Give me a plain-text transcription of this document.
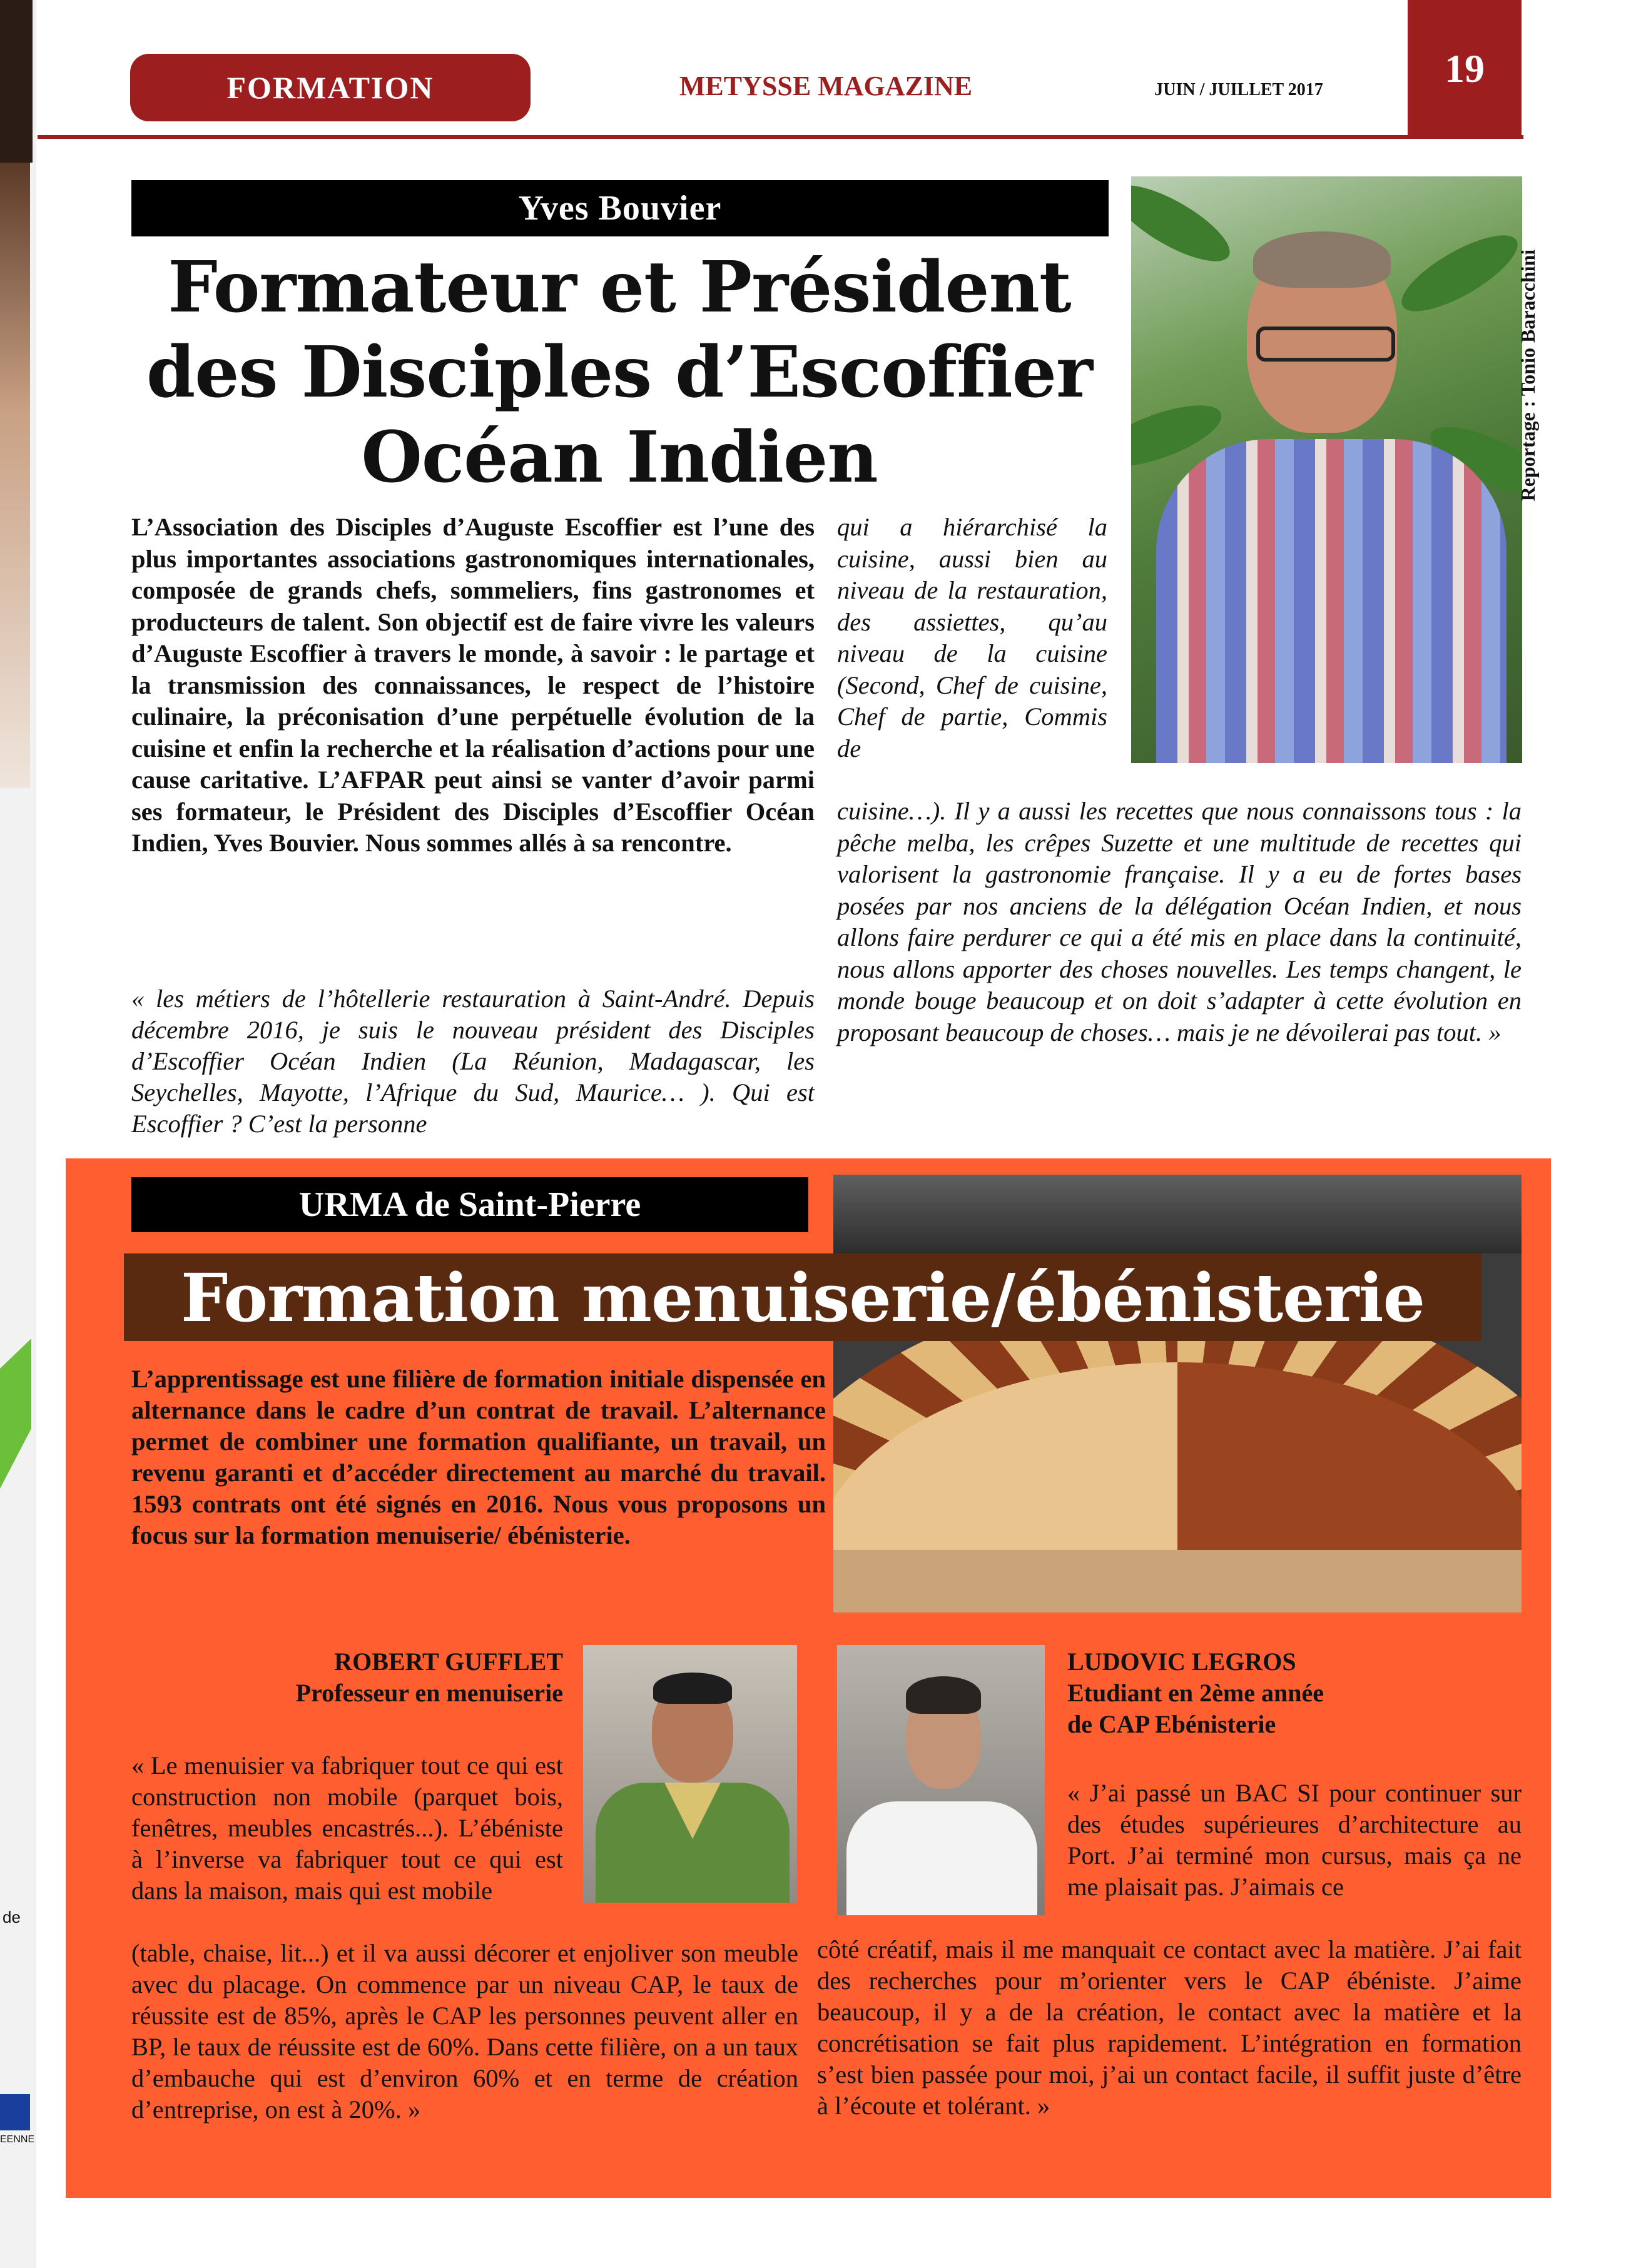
de
EENNE
FORMATION	METYSSE MAGAZINE	JUIN / JUILLET 2017	19
Yves Bouvier
Formateur et Président
des Disciples d’Escoffier
Océan Indien	Reportage : Tonio Baracchini
L’Association des Disciples d’Auguste Escoffier est l’une des plus importantes associations gastronomiques internationales, composée de grands chefs, sommeliers, fins gastronomes et producteurs de talent. Son objectif est de faire vivre les valeurs d’Auguste Escoffier à travers le monde, à savoir : le partage et la transmission des connaissances, le respect de l’histoire culinaire, la préconisation d’une perpétuelle évolution de la cuisine et enfin la recherche et la réalisation d’actions pour une cause caritative. L’AFPAR peut ainsi se vanter d’avoir parmi ses formateur, le Président des Disciples d’Escoffier Océan Indien, Yves Bouvier. Nous sommes allés à sa rencontre.
« les métiers de l’hôtellerie restauration à Saint-André. Depuis décembre 2016, je suis le nouveau président des Disciples d’Escoffier Océan Indien (La Réunion, Madagascar, les Seychelles, Mayotte, l’Afrique du Sud, Maurice… ). Qui est Escoffier ? C’est la personne
qui a hiérarchisé la cuisine, aussi bien au niveau de la restauration, des assiettes, qu’au niveau de la cuisine (Second, Chef de cuisine, Chef de partie, Commis de
cuisine…). Il y a aussi les recettes que nous connaissons tous : la pêche melba, les crêpes Suzette et une multitude de recettes qui valorisent la gastronomie française. Il y a eu de fortes bases posées par nos anciens de la délégation Océan Indien, et nous allons faire perdurer ce qui a été mis en place dans la continuité, nous allons apporter des choses nouvelles. Les temps changent, le monde bouge beaucoup et on doit s’adapter à cette évolution en proposant beaucoup de choses… mais je ne dévoilerai pas tout. »
URMA de Saint-Pierre
Formation menuiserie/ébénisterie
L’apprentissage est une filière de formation initiale dispensée en alternance dans le cadre d’un contrat de travail. L’alternance permet de combiner une formation qualifiante, un travail, un revenu garanti et d’accéder directement au marché du travail. 1593 contrats ont été signés en 2016. Nous vous proposons un focus sur la formation menuiserie/ ébénisterie.
ROBERT GUFFLET
Professeur en menuiserie
« Le menuisier va fabriquer tout ce qui est construction non mobile (parquet bois, fenêtres, meubles encastrés...). L’ébéniste à l’inverse va fabriquer tout ce qui est dans la maison, mais qui est mobile
(table, chaise, lit...) et il va aussi décorer et enjoliver son meuble avec du placage. On commence par un niveau CAP, le taux de réussite est de 85%, après le CAP les personnes peuvent aller en BP, le taux de réussite est de 60%. Dans cette filière, on a un taux d’embauche qui est d’environ 60% et en terme de création d’entreprise, on est à 20%. »
LUDOVIC LEGROS
Etudiant en 2ème année
de CAP Ebénisterie
« J’ai passé un BAC SI pour continuer sur des études supérieures d’architecture au Port. J’ai terminé mon cursus, mais ça ne me plaisait pas. J’aimais ce
côté créatif, mais il me manquait ce contact avec la matière. J’ai fait des recherches pour m’orienter vers le CAP ébéniste. J’aime beaucoup, il y a de la création, le contact avec la matière et la concrétisation se fait plus rapidement. L’intégration en formation s’est bien passée pour moi, j’ai un contact facile, il suffit juste d’être à l’écoute et tolérant. »
